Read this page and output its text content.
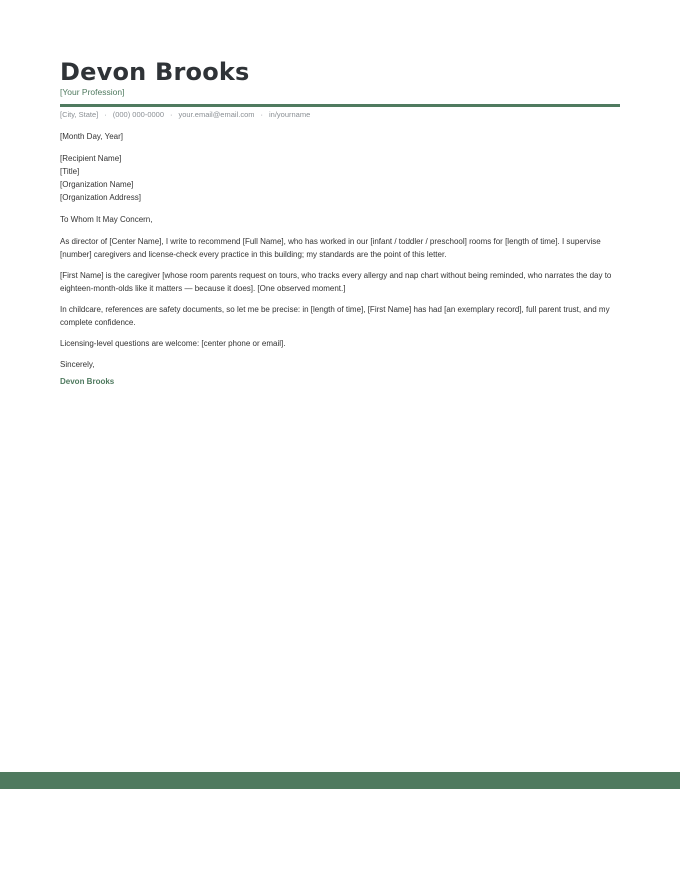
Devon Brooks
[Your Profession]
[City, State] · (000) 000-0000 · your.email@email.com · in/yourname

[Month Day, Year]

[Recipient Name]

[Title]

[Organization Name]

[Organization Address]

To Whom It May Concern,

As director of [Center Name], I write to recommend [Full Name], who has worked in our [infant / toddler / preschool] rooms for [length of time]. I supervise [number] caregivers and license-check every practice in this building; my standards are the point of this letter.

[First Name] is the caregiver [whose room parents request on tours, who tracks every allergy and nap chart without being reminded, who narrates the day to eighteen-month-olds like it matters — because it does]. [One observed moment.]

In childcare, references are safety documents, so let me be precise: in [length of time], [First Name] has had [an exemplary record], full parent trust, and my complete confidence.

Licensing-level questions are welcome: [center phone or email].

Sincerely,

Devon Brooks
